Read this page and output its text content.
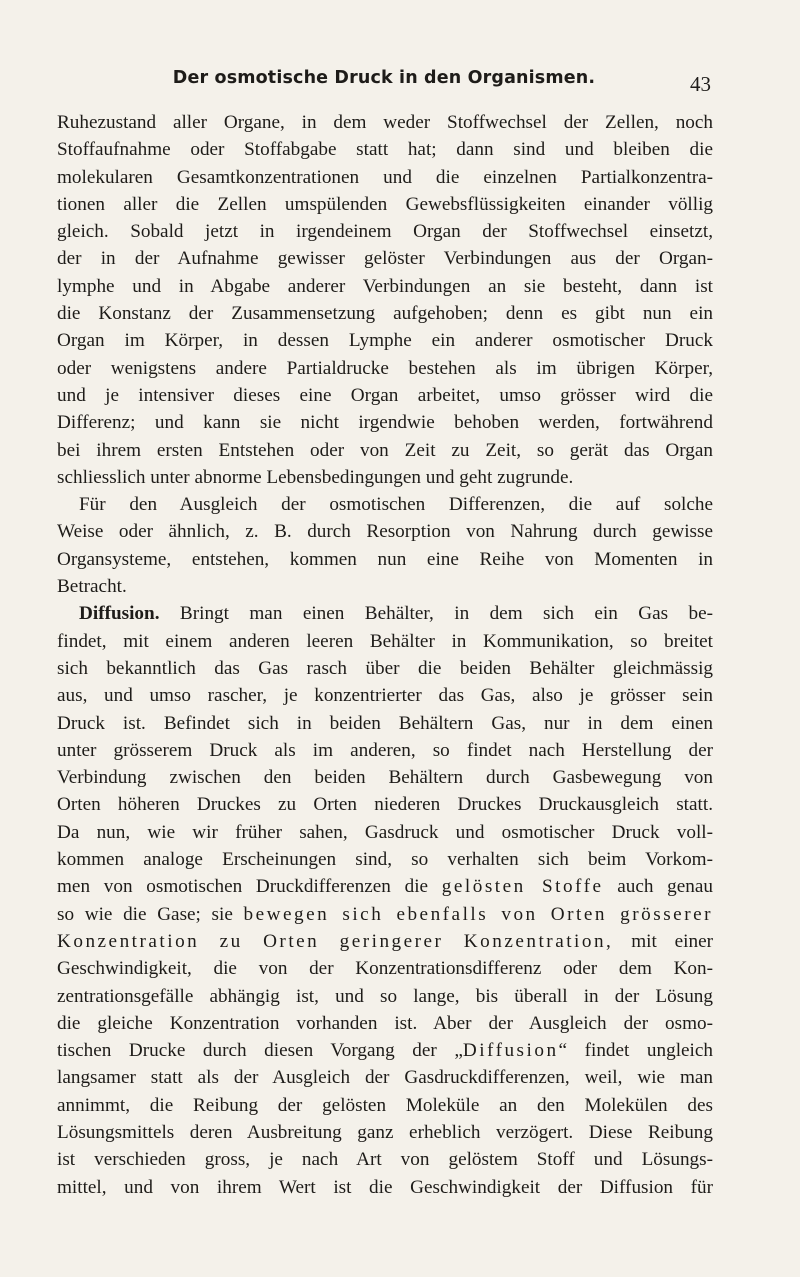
Der osmotische Druck in den Organismen.	43
Ruhezustand aller Organe, in dem weder Stoffwechsel der Zellen, noch
Stoffaufnahme oder Stoffabgabe statt hat; dann sind und bleiben die
molekularen Gesamtkonzentrationen und die einzelnen Partialkonzentra-
tionen aller die Zellen umspülenden Gewebsflüssigkeiten einander völlig
gleich. Sobald jetzt in irgendeinem Organ der Stoffwechsel einsetzt,
der in der Aufnahme gewisser gelöster Verbindungen aus der Organ-
lymphe und in Abgabe anderer Verbindungen an sie besteht, dann ist
die Konstanz der Zusammensetzung aufgehoben; denn es gibt nun ein
Organ im Körper, in dessen Lymphe ein anderer osmotischer Druck
oder wenigstens andere Partialdrucke bestehen als im übrigen Körper,
und je intensiver dieses eine Organ arbeitet, umso grösser wird die
Differenz; und kann sie nicht irgendwie behoben werden, fortwährend
bei ihrem ersten Entstehen oder von Zeit zu Zeit, so gerät das Organ
schliesslich unter abnorme Lebensbedingungen und geht zugrunde.
Für den Ausgleich der osmotischen Differenzen, die auf solche
Weise oder ähnlich, z. B. durch Resorption von Nahrung durch gewisse
Organsysteme, entstehen, kommen nun eine Reihe von Momenten in
Betracht.
Diffusion. Bringt man einen Behälter, in dem sich ein Gas be-
findet, mit einem anderen leeren Behälter in Kommunikation, so breitet
sich bekanntlich das Gas rasch über die beiden Behälter gleichmässig
aus, und umso rascher, je konzentrierter das Gas, also je grösser sein
Druck ist. Befindet sich in beiden Behältern Gas, nur in dem einen
unter grösserem Druck als im anderen, so findet nach Herstellung der
Verbindung zwischen den beiden Behältern durch Gasbewegung von
Orten höheren Druckes zu Orten niederen Druckes Druckausgleich statt.
Da nun, wie wir früher sahen, Gasdruck und osmotischer Druck voll-
kommen analoge Erscheinungen sind, so verhalten sich beim Vorkom-
men von osmotischen Druckdifferenzen die gelösten Stoffe auch genau
so wie die Gase; sie bewegen sich ebenfalls von Orten grösserer
Konzentration zu Orten geringerer Konzentration, mit einer
Geschwindigkeit, die von der Konzentrationsdifferenz oder dem Kon-
zentrationsgefälle abhängig ist, und so lange, bis überall in der Lösung
die gleiche Konzentration vorhanden ist. Aber der Ausgleich der osmo-
tischen Drucke durch diesen Vorgang der „Diffusion“ findet ungleich
langsamer statt als der Ausgleich der Gasdruckdifferenzen, weil, wie man
annimmt, die Reibung der gelösten Moleküle an den Molekülen des
Lösungsmittels deren Ausbreitung ganz erheblich verzögert. Diese Reibung
ist verschieden gross, je nach Art von gelöstem Stoff und Lösungs-
mittel, und von ihrem Wert ist die Geschwindigkeit der Diffusion für
